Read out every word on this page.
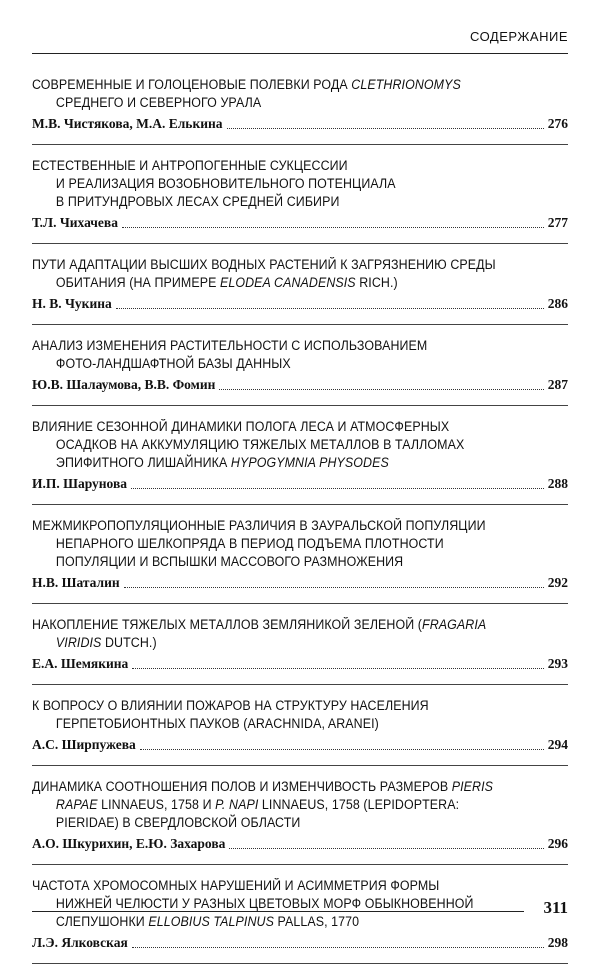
СОДЕРЖАНИЕ
СОВРЕМЕННЫЕ И ГОЛОЦЕНОВЫЕ ПОЛЕВКИ РОДА CLETHRIONOMYS
СРЕДНЕГО И СЕВЕРНОГО УРАЛА
М.В. Чистякова, М.А. Елькина	276
ЕСТЕСТВЕННЫЕ И АНТРОПОГЕННЫЕ СУКЦЕССИИ
И РЕАЛИЗАЦИЯ ВОЗОБНОВИТЕЛЬНОГО ПОТЕНЦИАЛА
В ПРИТУНДРОВЫХ ЛЕСАХ СРЕДНЕЙ СИБИРИ
Т.Л. Чихачева	277
ПУТИ АДАПТАЦИИ ВЫСШИХ ВОДНЫХ РАСТЕНИЙ К ЗАГРЯЗНЕНИЮ СРЕДЫ
ОБИТАНИЯ (НА ПРИМЕРЕ ELODEA CANADENSIS RICH.)
Н. В. Чукина	286
АНАЛИЗ ИЗМЕНЕНИЯ РАСТИТЕЛЬНОСТИ С ИСПОЛЬЗОВАНИЕМ
ФОТО-ЛАНДШАФТНОЙ БАЗЫ ДАННЫХ
Ю.В. Шалаумова, В.В. Фомин	287
ВЛИЯНИЕ СЕЗОННОЙ ДИНАМИКИ ПОЛОГА ЛЕСА И АТМОСФЕРНЫХ
ОСАДКОВ НА АККУМУЛЯЦИЮ ТЯЖЕЛЫХ МЕТАЛЛОВ В ТАЛЛОМАХ
ЭПИФИТНОГО ЛИШАЙНИКА HYPOGYMNIA PHYSODES
И.П. Шарунова	288
МЕЖМИКРОПОПУЛЯЦИОННЫЕ РАЗЛИЧИЯ В ЗАУРАЛЬСКОЙ ПОПУЛЯЦИИ
НЕПАРНОГО ШЕЛКОПРЯДА В ПЕРИОД ПОДЪЕМА ПЛОТНОСТИ
ПОПУЛЯЦИИ И ВСПЫШКИ МАССОВОГО РАЗМНОЖЕНИЯ
Н.В. Шаталин	292
НАКОПЛЕНИЕ ТЯЖЕЛЫХ МЕТАЛЛОВ ЗЕМЛЯНИКОЙ ЗЕЛЕНОЙ (FRAGARIA
VIRIDIS DUTCH.)
Е.А. Шемякина	293
К ВОПРОСУ О ВЛИЯНИИ ПОЖАРОВ НА СТРУКТУРУ НАСЕЛЕНИЯ
ГЕРПЕТОБИОНТНЫХ ПАУКОВ (ARACHNIDA, ARANEI)
А.С. Ширпужева	294
ДИНАМИКА СООТНОШЕНИЯ ПОЛОВ И ИЗМЕНЧИВОСТЬ РАЗМЕРОВ PIERIS
RAPAE LINNAEUS, 1758 И P. NAPI LINNAEUS, 1758 (LEPIDOPTERA:
PIERIDAE) В СВЕРДЛОВСКОЙ ОБЛАСТИ
А.О. Шкурихин, Е.Ю. Захарова	296
ЧАСТОТА ХРОМОСОМНЫХ НАРУШЕНИЙ И АСИММЕТРИЯ ФОРМЫ
НИЖНЕЙ ЧЕЛЮСТИ У РАЗНЫХ ЦВЕТОВЫХ МОРФ ОБЫКНОВЕННОЙ
СЛЕПУШОНКИ ELLOBIUS TALPINUS PALLAS, 1770
Л.Э. Ялковская	298
311
